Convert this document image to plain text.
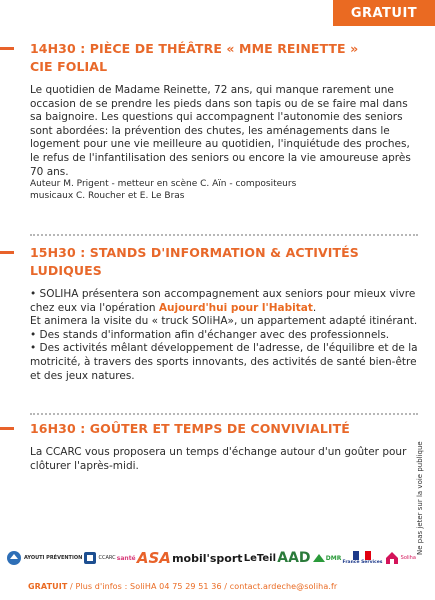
GRATUIT
14H30 : PIÈCE DE THÉÂTRE « MME REINETTE »
CIE FOLIAL

Le quotidien de Madame Reinette, 72 ans, qui manque rarement une occasion de se prendre les pieds dans son tapis ou de se faire mal dans sa baignoire. Les questions qui accompagnent l'autonomie des seniors sont abordées: la prévention des chutes, les aménagements dans le logement pour une vie meilleure au quotidien, l'inquiétude des proches, le refus de l'infantilisation des seniors ou encore la vie amoureuse après 70 ans.

Auteur M. Prigent - metteur en scène C. Aïn - compositeurs
musicaux C. Roucher et E. Le Bras

15H30 : STANDS D'INFORMATION & ACTIVITÉS
LUDIQUES

• SOLIHA présentera son accompagnement aux seniors pour mieux vivre chez eux via l'opération Aujourd'hui pour l'Habitat.

Et animera la visite du « truck SOliHA», un appartement adapté itinérant.

• Des stands d'information afin d'échanger avec des professionnels.

• Des activités mêlant développement de l'adresse, de l'équilibre et de la motricité, à travers des sports innovants, des activités de santé bien-être et des jeux natures.

16H30 : GOÛTER ET TEMPS DE CONVIVIALITÉ

La CCARC vous proposera un temps d'échange autour d'un goûter pour clôturer l'après-midi.	Ne pas jeter sur la voie publique
AYOUTI PRÉVENTION	CCARC santé ASA mobil'sport LeTeil AAD	DMR
France Services
Soliha
GRATUIT / Plus d'infos : SoliHA 04 75 29 51 36 / contact.ardeche@soliha.fr
